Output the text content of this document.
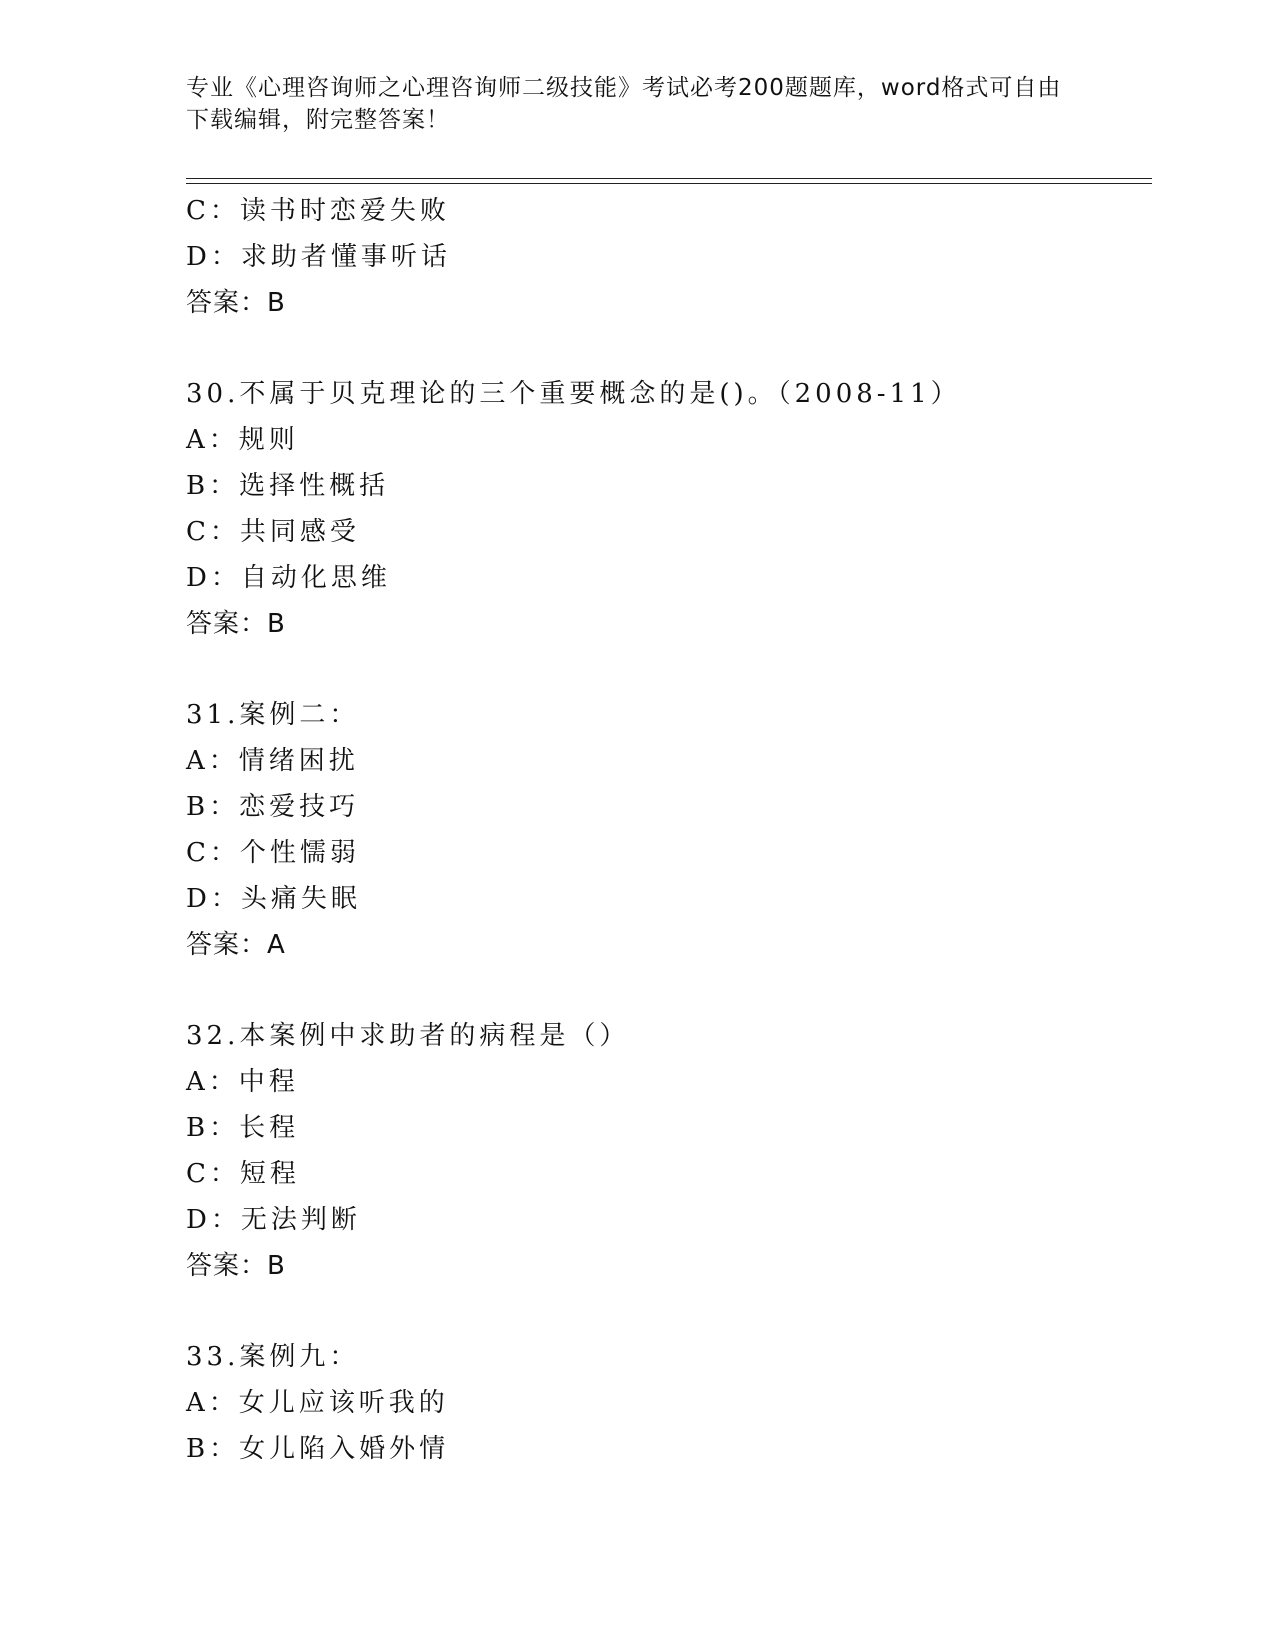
专业《心理咨询师之心理咨询师二级技能》考试必考200题题库，word格式可自由下载编辑，附完整答案！

C：读书时恋爱失败
D：求助者懂事听话
答案：B
30.不属于贝克理论的三个重要概念的是()。（2008-11）
A：规则
B：选择性概括
C：共同感受
D：自动化思维
答案：B
31.案例二：
A：情绪困扰
B：恋爱技巧
C：个性懦弱
D：头痛失眠
答案：A
32.本案例中求助者的病程是（）
A：中程
B：长程
C：短程
D：无法判断
答案：B
33.案例九：
A：女儿应该听我的
B：女儿陷入婚外情
